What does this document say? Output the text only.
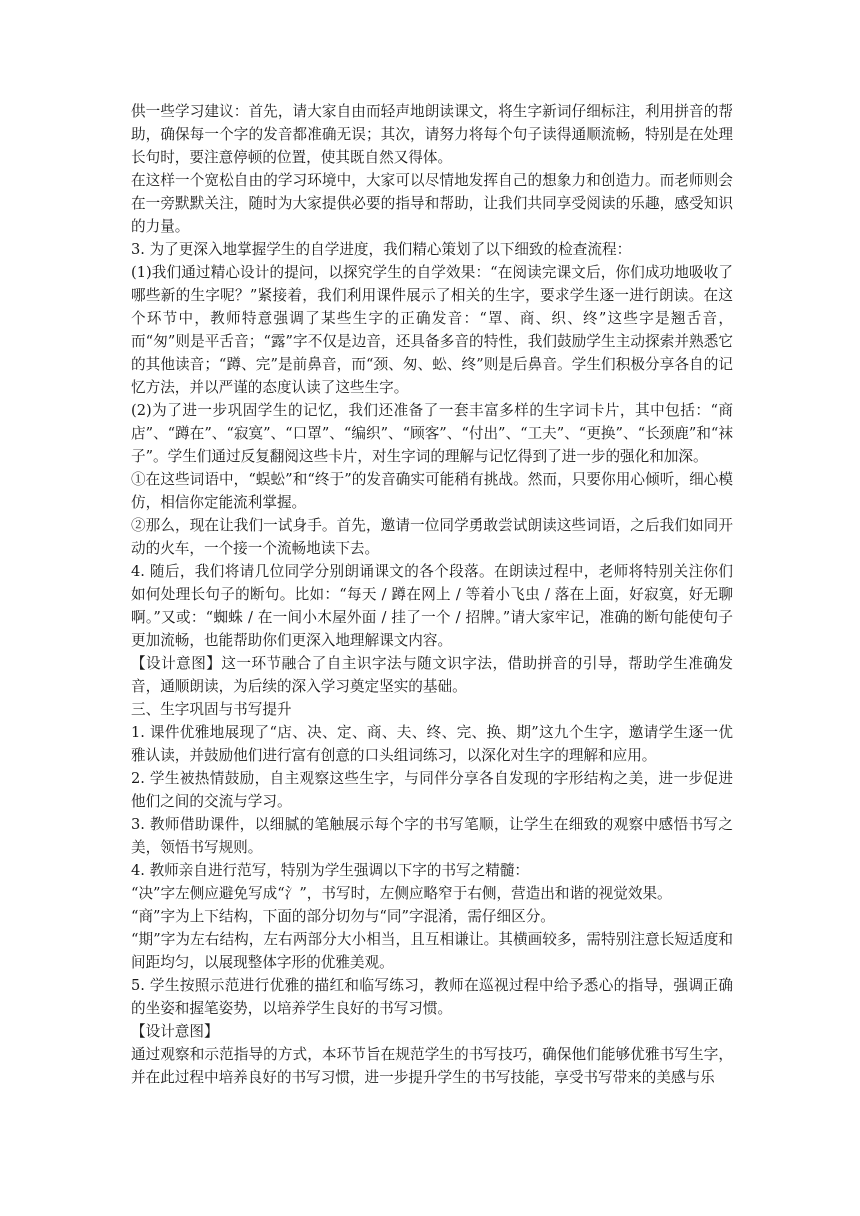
供一些学习建议：首先，请大家自由而轻声地朗读课文，将生字新词仔细标注，利用拼音的帮助，确保每一个字的发音都准确无误；其次，请努力将每个句子读得通顺流畅，特别是在处理长句时，要注意停顿的位置，使其既自然又得体。

在这样一个宽松自由的学习环境中，大家可以尽情地发挥自己的想象力和创造力。而老师则会在一旁默默关注，随时为大家提供必要的指导和帮助，让我们共同享受阅读的乐趣，感受知识的力量。

3. 为了更深入地掌握学生的自学进度，我们精心策划了以下细致的检查流程：

(1)我们通过精心设计的提问，以探究学生的自学效果：“在阅读完课文后，你们成功地吸收了哪些新的生字呢？”紧接着，我们利用课件展示了相关的生字，要求学生逐一进行朗读。在这个环节中，教师特意强调了某些生字的正确发音：“罩、商、织、终”这些字是翘舌音，而“匆”则是平舌音；“露”字不仅是边音，还具备多音的特性，我们鼓励学生主动探索并熟悉它的其他读音；“蹲、完”是前鼻音，而“颈、匆、蚣、终”则是后鼻音。学生们积极分享各自的记忆方法，并以严谨的态度认读了这些生字。

(2)为了进一步巩固学生的记忆，我们还准备了一套丰富多样的生字词卡片，其中包括：“商店”、“蹲在”、“寂寞”、“口罩”、“编织”、“顾客”、“付出”、“工夫”、“更换”、“长颈鹿”和“袜子”。学生们通过反复翻阅这些卡片，对生字词的理解与记忆得到了进一步的强化和加深。

①在这些词语中，“蜈蚣”和“终于”的发音确实可能稍有挑战。然而，只要你用心倾听，细心模仿，相信你定能流利掌握。

②那么，现在让我们一试身手。首先，邀请一位同学勇敢尝试朗读这些词语，之后我们如同开动的火车，一个接一个流畅地读下去。

4. 随后，我们将请几位同学分别朗诵课文的各个段落。在朗读过程中，老师将特别关注你们如何处理长句子的断句。比如：“每天 / 蹲在网上 / 等着小飞虫 / 落在上面，好寂寞，好无聊啊。”又或：“蜘蛛 / 在一间小木屋外面 / 挂了一个 / 招牌。”请大家牢记，准确的断句能使句子更加流畅，也能帮助你们更深入地理解课文内容。

【设计意图】这一环节融合了自主识字法与随文识字法，借助拼音的引导，帮助学生准确发音，通顺朗读，为后续的深入学习奠定坚实的基础。

三、生字巩固与书写提升

1. 课件优雅地展现了“店、决、定、商、夫、终、完、换、期”这九个生字，邀请学生逐一优雅认读，并鼓励他们进行富有创意的口头组词练习，以深化对生字的理解和应用。

2. 学生被热情鼓励，自主观察这些生字，与同伴分享各自发现的字形结构之美，进一步促进他们之间的交流与学习。

3. 教师借助课件，以细腻的笔触展示每个字的书写笔顺，让学生在细致的观察中感悟书写之美，领悟书写规则。

4. 教师亲自进行范写，特别为学生强调以下字的书写之精髓：

“决”字左侧应避免写成“氵”，书写时，左侧应略窄于右侧，营造出和谐的视觉效果。

“商”字为上下结构，下面的部分切勿与“同”字混淆，需仔细区分。

“期”字为左右结构，左右两部分大小相当，且互相谦让。其横画较多，需特别注意长短适度和间距均匀，以展现整体字形的优雅美观。

5. 学生按照示范进行优雅的描红和临写练习，教师在巡视过程中给予悉心的指导，强调正确的坐姿和握笔姿势，以培养学生良好的书写习惯。

【设计意图】

通过观察和示范指导的方式，本环节旨在规范学生的书写技巧，确保他们能够优雅书写生字，并在此过程中培养良好的书写习惯，进一步提升学生的书写技能，享受书写带来的美感与乐
